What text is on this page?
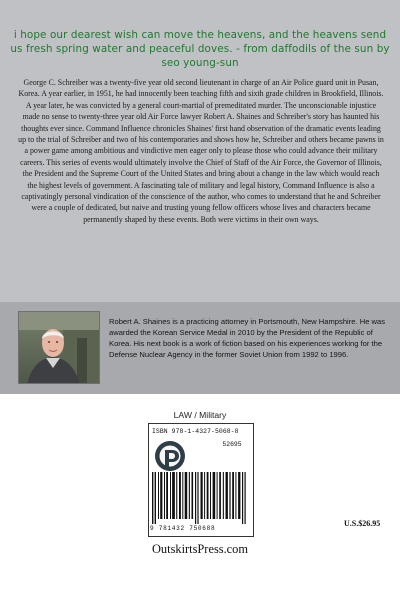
i hope our dearest wish can move the heavens, and the heavens send us fresh spring water and peaceful doves. - from daffodils of the sun by seo young-sun
George C. Schreiber was a twenty-five year old second lieutenant in charge of an Air Police guard unit in Pusan, Korea. A year earlier, in 1951, he had innocently been teaching fifth and sixth grade children in Brookfield, Illinois. A year later, he was convicted by a general court-martial of premeditated murder. The unconscionable injustice made no sense to twenty-three year old Air Force lawyer Robert A. Shaines and Schreiber's story has haunted his thoughts ever since. Command Influence chronicles Shaines' first hand observation of the dramatic events leading up to the trial of Schreiber and two of his contemporaries and shows how he, Schreiber and others became pawns in a power game among ambitious and vindictive men eager only to please those who could advance their military careers. This series of events would ultimately involve the Chief of Staff of the Air Force, the Governor of Illinois, the President and the Supreme Court of the United States and bring about a change in the law which would reach the highest levels of government. A fascinating tale of military and legal history, Command Influence is also a captivatingly personal vindication of the conscience of the author, who comes to understand that he and Schreiber were a couple of dedicated, but naive and trusting young fellow officers whose lives and characters became permanently shaped by these events. Both were victims in their own ways.
Robert A. Shaines is a practicing attorney in Portsmouth, New Hampshire. He was awarded the Korean Service Medal in 2010 by the President of the Republic of Korea. His next book is a work of fiction based on his experiences working for the Defense Nuclear Agency in the former Soviet Union from 1992 to 1996.
LAW / Military
ISBN 978-1-4327-5068-8
52695
9 781432 750688
U.S.$26.95
OutskirtsPress.com
